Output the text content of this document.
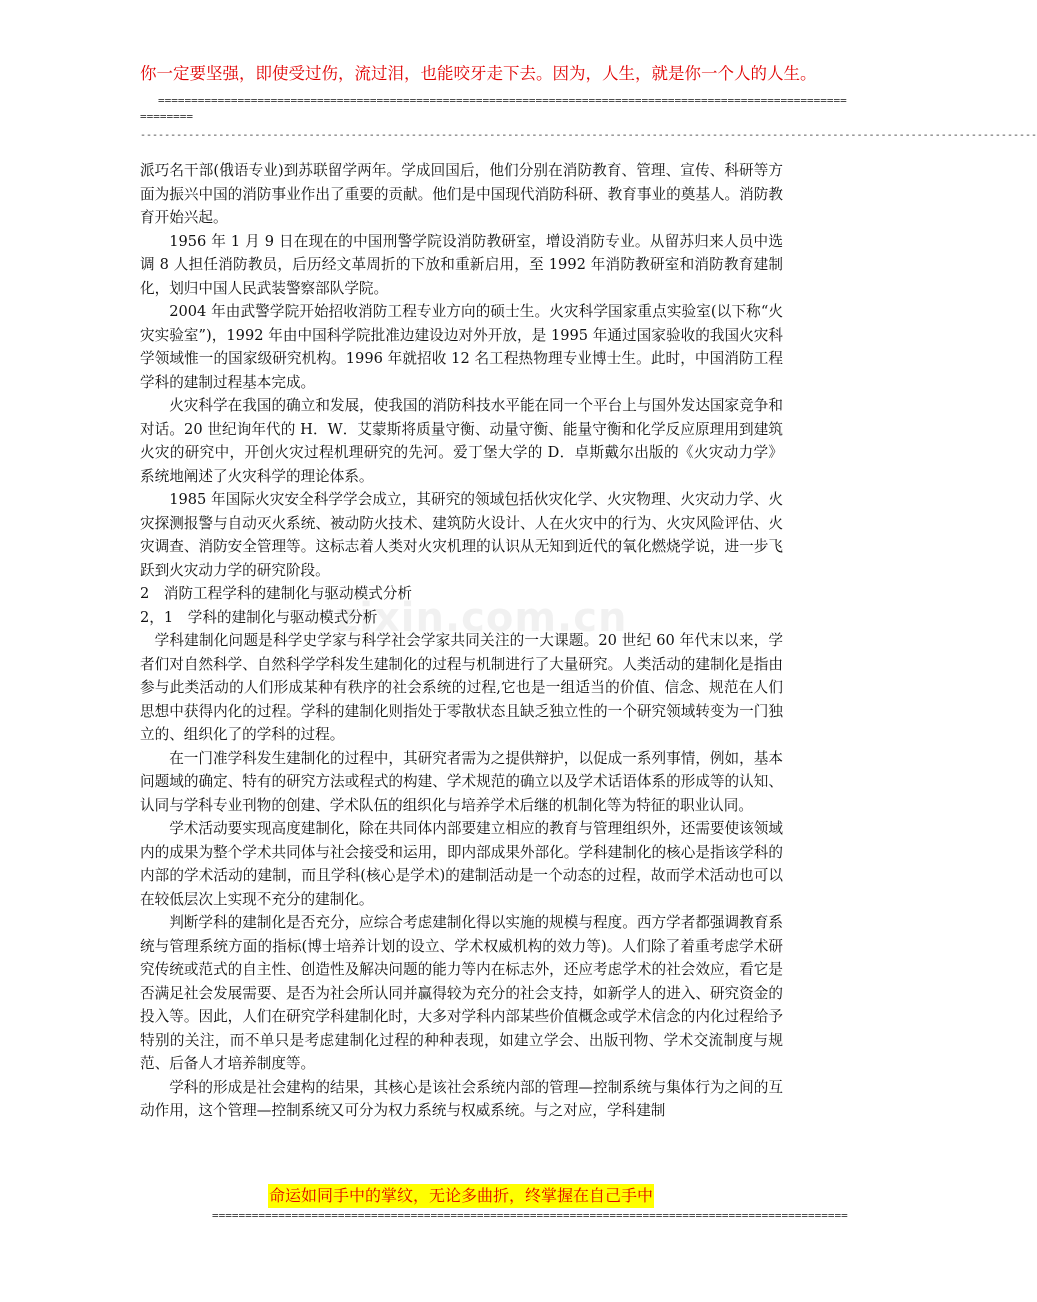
你一定要坚强，即使受过伤，流过泪，也能咬牙走下去。因为，人生，就是你一个人的人生。
========================================================================================================
========
-----------------------------------------------------------------------------------------------------------------------------------------------------
zixin.com.cn

派巧名干部(俄语专业)到苏联留学两年。学成回国后，他们分别在消防教育、管理、宣传、科研等方面为振兴中国的消防事业作出了重要的贡献。他们是中国现代消防科研、教育事业的奠基人。消防教育开始兴起。

1956 年 1 月 9 日在现在的中国刑警学院设消防教研室，增设消防专业。从留苏归来人员中选调 8 人担任消防教员，后历经文革周折的下放和重新启用，至 1992 年消防教研室和消防教育建制化，划归中国人民武装警察部队学院。

2004 年由武警学院开始招收消防工程专业方向的硕士生。火灾科学国家重点实验室(以下称“火灾实验室”)，1992 年由中国科学院批准边建设边对外开放，是 1995 年通过国家验收的我国火灾科学领域惟一的国家级研究机构。1996 年就招收 12 名工程热物理专业博士生。此时，中国消防工程学科的建制过程基本完成。

火灾科学在我国的确立和发展，使我国的消防科技水平能在同一个平台上与国外发达国家竞争和对话。20 世纪询年代的 H．W．艾蒙斯将质量守衡、动量守衡、能量守衡和化学反应原理用到建筑火灾的研究中，开创火灾过程机理研究的先河。爱丁堡大学的 D．卓斯戴尔出版的《火灾动力学》系统地阐述了火灾科学的理论体系。

1985 年国际火灾安全科学学会成立，其研究的领域包括伙灾化学、火灾物理、火灾动力学、火灾探测报警与自动灭火系统、被动防火技术、建筑防火设计、人在火灾中的行为、火灾风险评估、火灾调查、消防安全管理等。这标志着人类对火灾机理的认识从无知到近代的氧化燃烧学说，进一步飞跃到火灾动力学的研究阶段。

2　消防工程学科的建制化与驱动模式分析

2，1　学科的建制化与驱动模式分析

学科建制化问题是科学史学家与科学社会学家共同关注的一大课题。20 世纪 60 年代末以来，学者们对自然科学、自然科学学科发生建制化的过程与机制进行了大量研究。人类活动的建制化是指由参与此类活动的人们形成某种有秩序的社会系统的过程,它也是一组适当的价值、信念、规范在人们思想中获得内化的过程。学科的建制化则指处于零散状态且缺乏独立性的一个研究领域转变为一门独立的、组织化了的学科的过程。

在一门准学科发生建制化的过程中，其研究者需为之提供辩护，以促成一系列事情，例如，基本问题域的确定、特有的研究方法或程式的构建、学术规范的确立以及学术话语体系的形成等的认知、认同与学科专业刊物的创建、学术队伍的组织化与培养学术后继的机制化等为特征的职业认同。

学术活动要实现高度建制化，除在共同体内部要建立相应的教育与管理组织外，还需要使该领域内的成果为整个学术共同体与社会接受和运用，即内部成果外部化。学科建制化的核心是指该学科的内部的学术活动的建制，而且学科(核心是学术)的建制活动是一个动态的过程，故而学术活动也可以在较低层次上实现不充分的建制化。

判断学科的建制化是否充分，应综合考虑建制化得以实施的规模与程度。西方学者都强调教育系统与管理系统方面的指标(博士培养计划的设立、学术权威机构的效力等)。人们除了着重考虑学术研究传统或范式的自主性、创造性及解决问题的能力等内在标志外，还应考虑学术的社会效应，看它是否满足社会发展需要、是否为社会所认同并赢得较为充分的社会支持，如新学人的进入、研究资金的投入等。因此，人们在研究学科建制化时，大多对学科内部某些价值概念或学术信念的内化过程给予特别的关注，而不单只是考虑建制化过程的种种表现，如建立学会、出版刊物、学术交流制度与规范、后备人才培养制度等。

学科的形成是社会建构的结果，其核心是该社会系统内部的管理—控制系统与集体行为之间的互动作用，这个管理—控制系统又可分为权力系统与权威系统。与之对应，学科建制

命运如同手中的掌纹，无论多曲折，终掌握在自己手中
================================================================================================
